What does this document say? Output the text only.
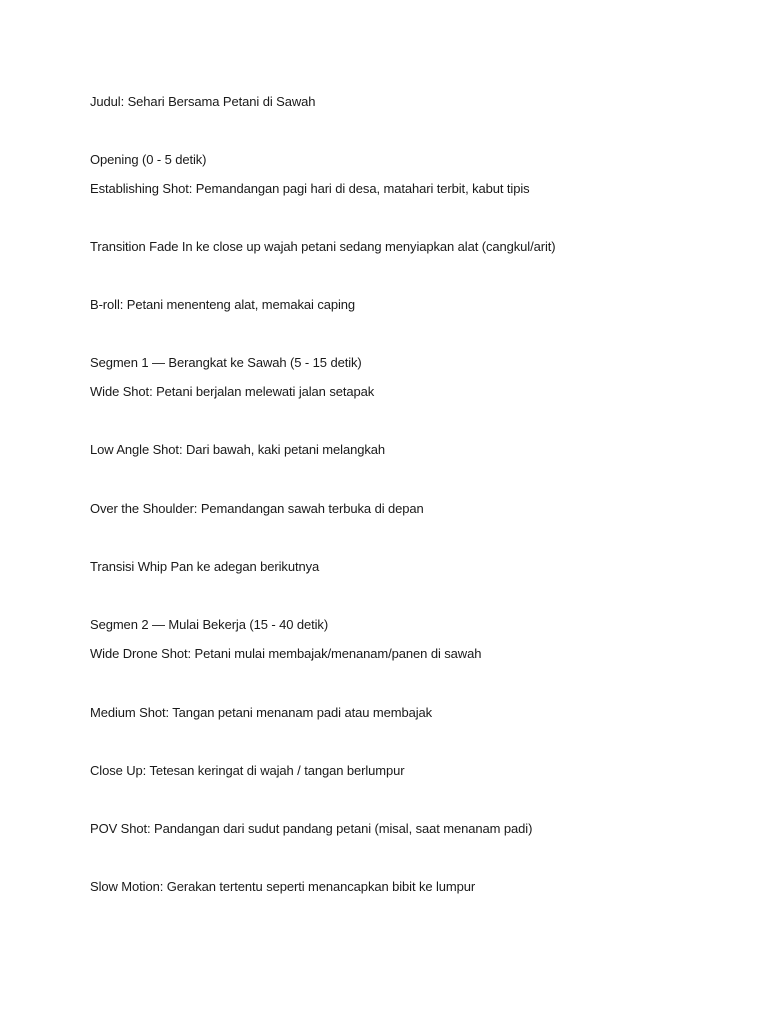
Judul: Sehari Bersama Petani di Sawah
Opening (0 - 5 detik)
Establishing Shot: Pemandangan pagi hari di desa, matahari terbit, kabut tipis
Transition Fade In ke close up wajah petani sedang menyiapkan alat (cangkul/arit)
B-roll: Petani menenteng alat, memakai caping
Segmen 1 — Berangkat ke Sawah (5 - 15 detik)
Wide Shot: Petani berjalan melewati jalan setapak
Low Angle Shot: Dari bawah, kaki petani melangkah
Over the Shoulder: Pemandangan sawah terbuka di depan
Transisi Whip Pan ke adegan berikutnya
Segmen 2 — Mulai Bekerja (15 - 40 detik)
Wide Drone Shot: Petani mulai membajak/menanam/panen di sawah
Medium Shot: Tangan petani menanam padi atau membajak
Close Up: Tetesan keringat di wajah / tangan berlumpur
POV Shot: Pandangan dari sudut pandang petani (misal, saat menanam padi)
Slow Motion: Gerakan tertentu seperti menancapkan bibit ke lumpur
